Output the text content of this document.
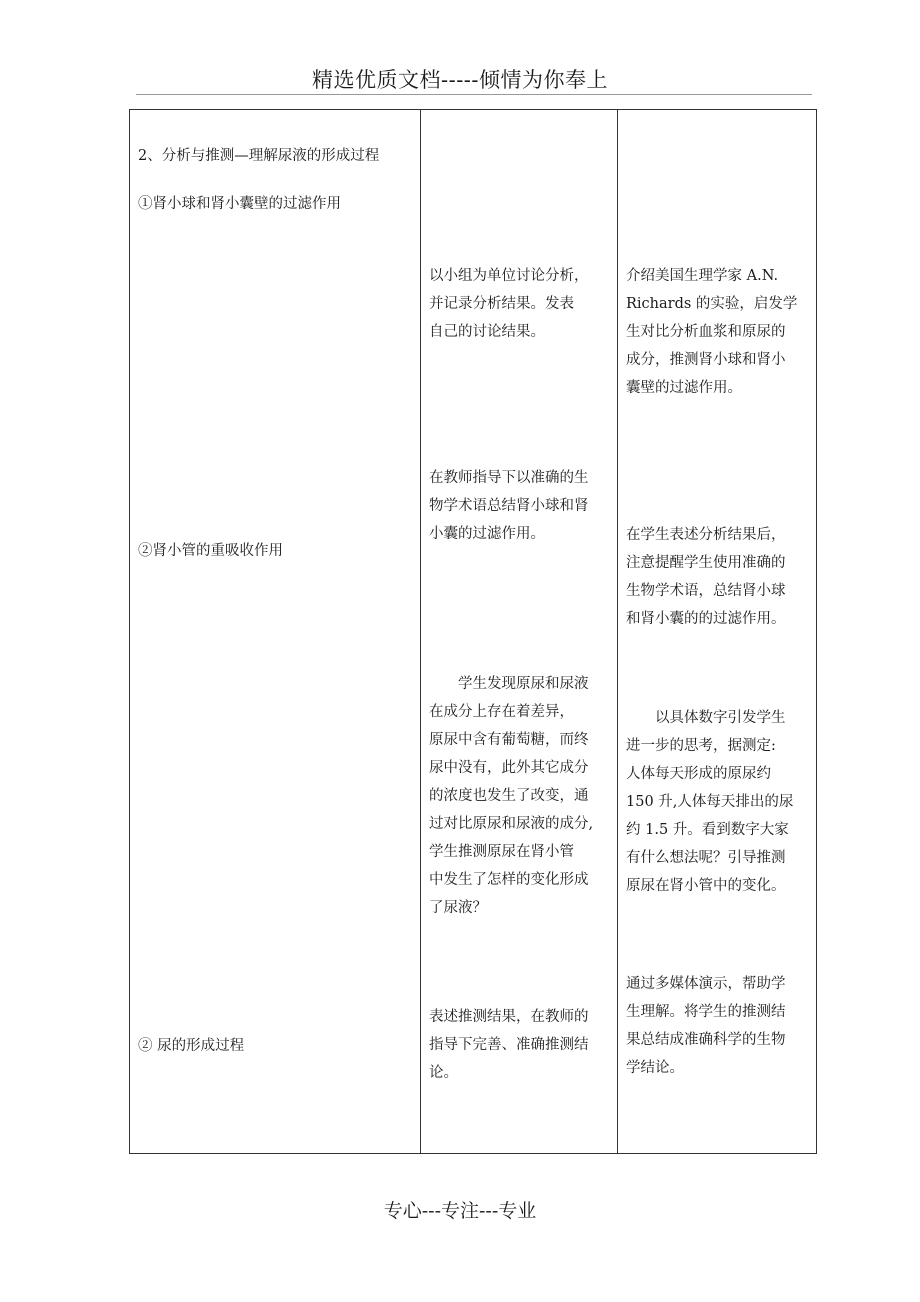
精选优质文档-----倾情为你奉上
2、分析与推测—理解尿液的形成过程
①肾小球和肾小囊壁的过滤作用
②肾小管的重吸收作用
② 尿的形成过程

以小组为单位讨论分析，

并记录分析结果。发表

自己的讨论结果。

在教师指导下以准确的生

物学术语总结肾小球和肾

小囊的过滤作用。

学生发现原尿和尿液

在成分上存在着差异，

原尿中含有葡萄糖，而终

尿中没有，此外其它成分

的浓度也发生了改变，通

过对比原尿和尿液的成分,

学生推测原尿在肾小管

中发生了怎样的变化形成

了尿液？

表述推测结果，在教师的

指导下完善、准确推测结

论。

介绍美国生理学家 A.N.

Richards 的实验，启发学

生对比分析血浆和原尿的

成分，推测肾小球和肾小

囊壁的过滤作用。

在学生表述分析结果后，

注意提醒学生使用准确的

生物学术语，总结肾小球

和肾小囊的的过滤作用。

以具体数字引发学生

进一步的思考，据测定:

人体每天形成的原尿约

150 升,人体每天排出的尿

约 1.5 升。看到数字大家

有什么想法呢？引导推测

原尿在肾小管中的变化。

通过多媒体演示，帮助学

生理解。将学生的推测结

果总结成准确科学的生物

学结论。

专心---专注---专业
